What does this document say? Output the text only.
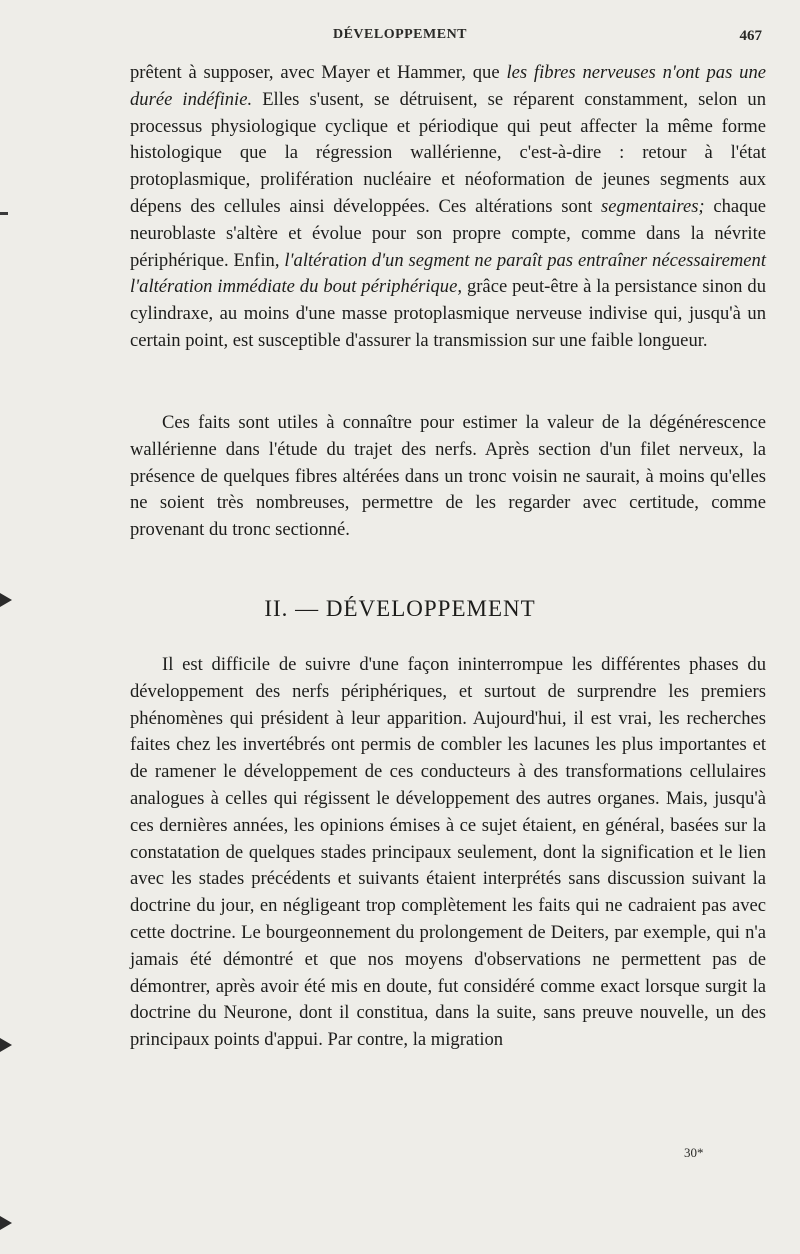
DÉVELOPPEMENT	467

prêtent à supposer, avec Mayer et Hammer, que les fibres nerveuses n'ont pas une durée indéfinie. Elles s'usent, se détruisent, se réparent constamment, selon un processus physiologique cyclique et périodique qui peut affecter la même forme histologique que la régression wallérienne, c'est-à-dire : retour à l'état protoplasmique, prolifération nucléaire et néoformation de jeunes segments aux dépens des cellules ainsi développées. Ces altérations sont segmentaires; chaque neuroblaste s'altère et évolue pour son propre compte, comme dans la névrite périphérique. Enfin, l'altération d'un segment ne paraît pas entraîner nécessairement l'altération immédiate du bout périphérique, grâce peut-être à la persistance sinon du cylindraxe, au moins d'une masse protoplasmique nerveuse indivise qui, jusqu'à un certain point, est susceptible d'assurer la transmission sur une faible longueur.

Ces faits sont utiles à connaître pour estimer la valeur de la dégénérescence wallérienne dans l'étude du trajet des nerfs. Après section d'un filet nerveux, la présence de quelques fibres altérées dans un tronc voisin ne saurait, à moins qu'elles ne soient très nombreuses, permettre de les regarder avec certitude, comme provenant du tronc sectionné.

II. — DÉVELOPPEMENT

Il est difficile de suivre d'une façon ininterrompue les différentes phases du développement des nerfs périphériques, et surtout de surprendre les premiers phénomènes qui président à leur apparition. Aujourd'hui, il est vrai, les recherches faites chez les invertébrés ont permis de combler les lacunes les plus importantes et de ramener le développement de ces conducteurs à des transformations cellulaires analogues à celles qui régissent le développement des autres organes. Mais, jusqu'à ces dernières années, les opinions émises à ce sujet étaient, en général, basées sur la constatation de quelques stades principaux seulement, dont la signification et le lien avec les stades précédents et suivants étaient interprétés sans discussion suivant la doctrine du jour, en négligeant trop complètement les faits qui ne cadraient pas avec cette doctrine. Le bourgeonnement du prolongement de Deiters, par exemple, qui n'a jamais été démontré et que nos moyens d'observations ne permettent pas de démontrer, après avoir été mis en doute, fut considéré comme exact lorsque surgit la doctrine du Neurone, dont il constitua, dans la suite, sans preuve nouvelle, un des principaux points d'appui. Par contre, la migration

30*
